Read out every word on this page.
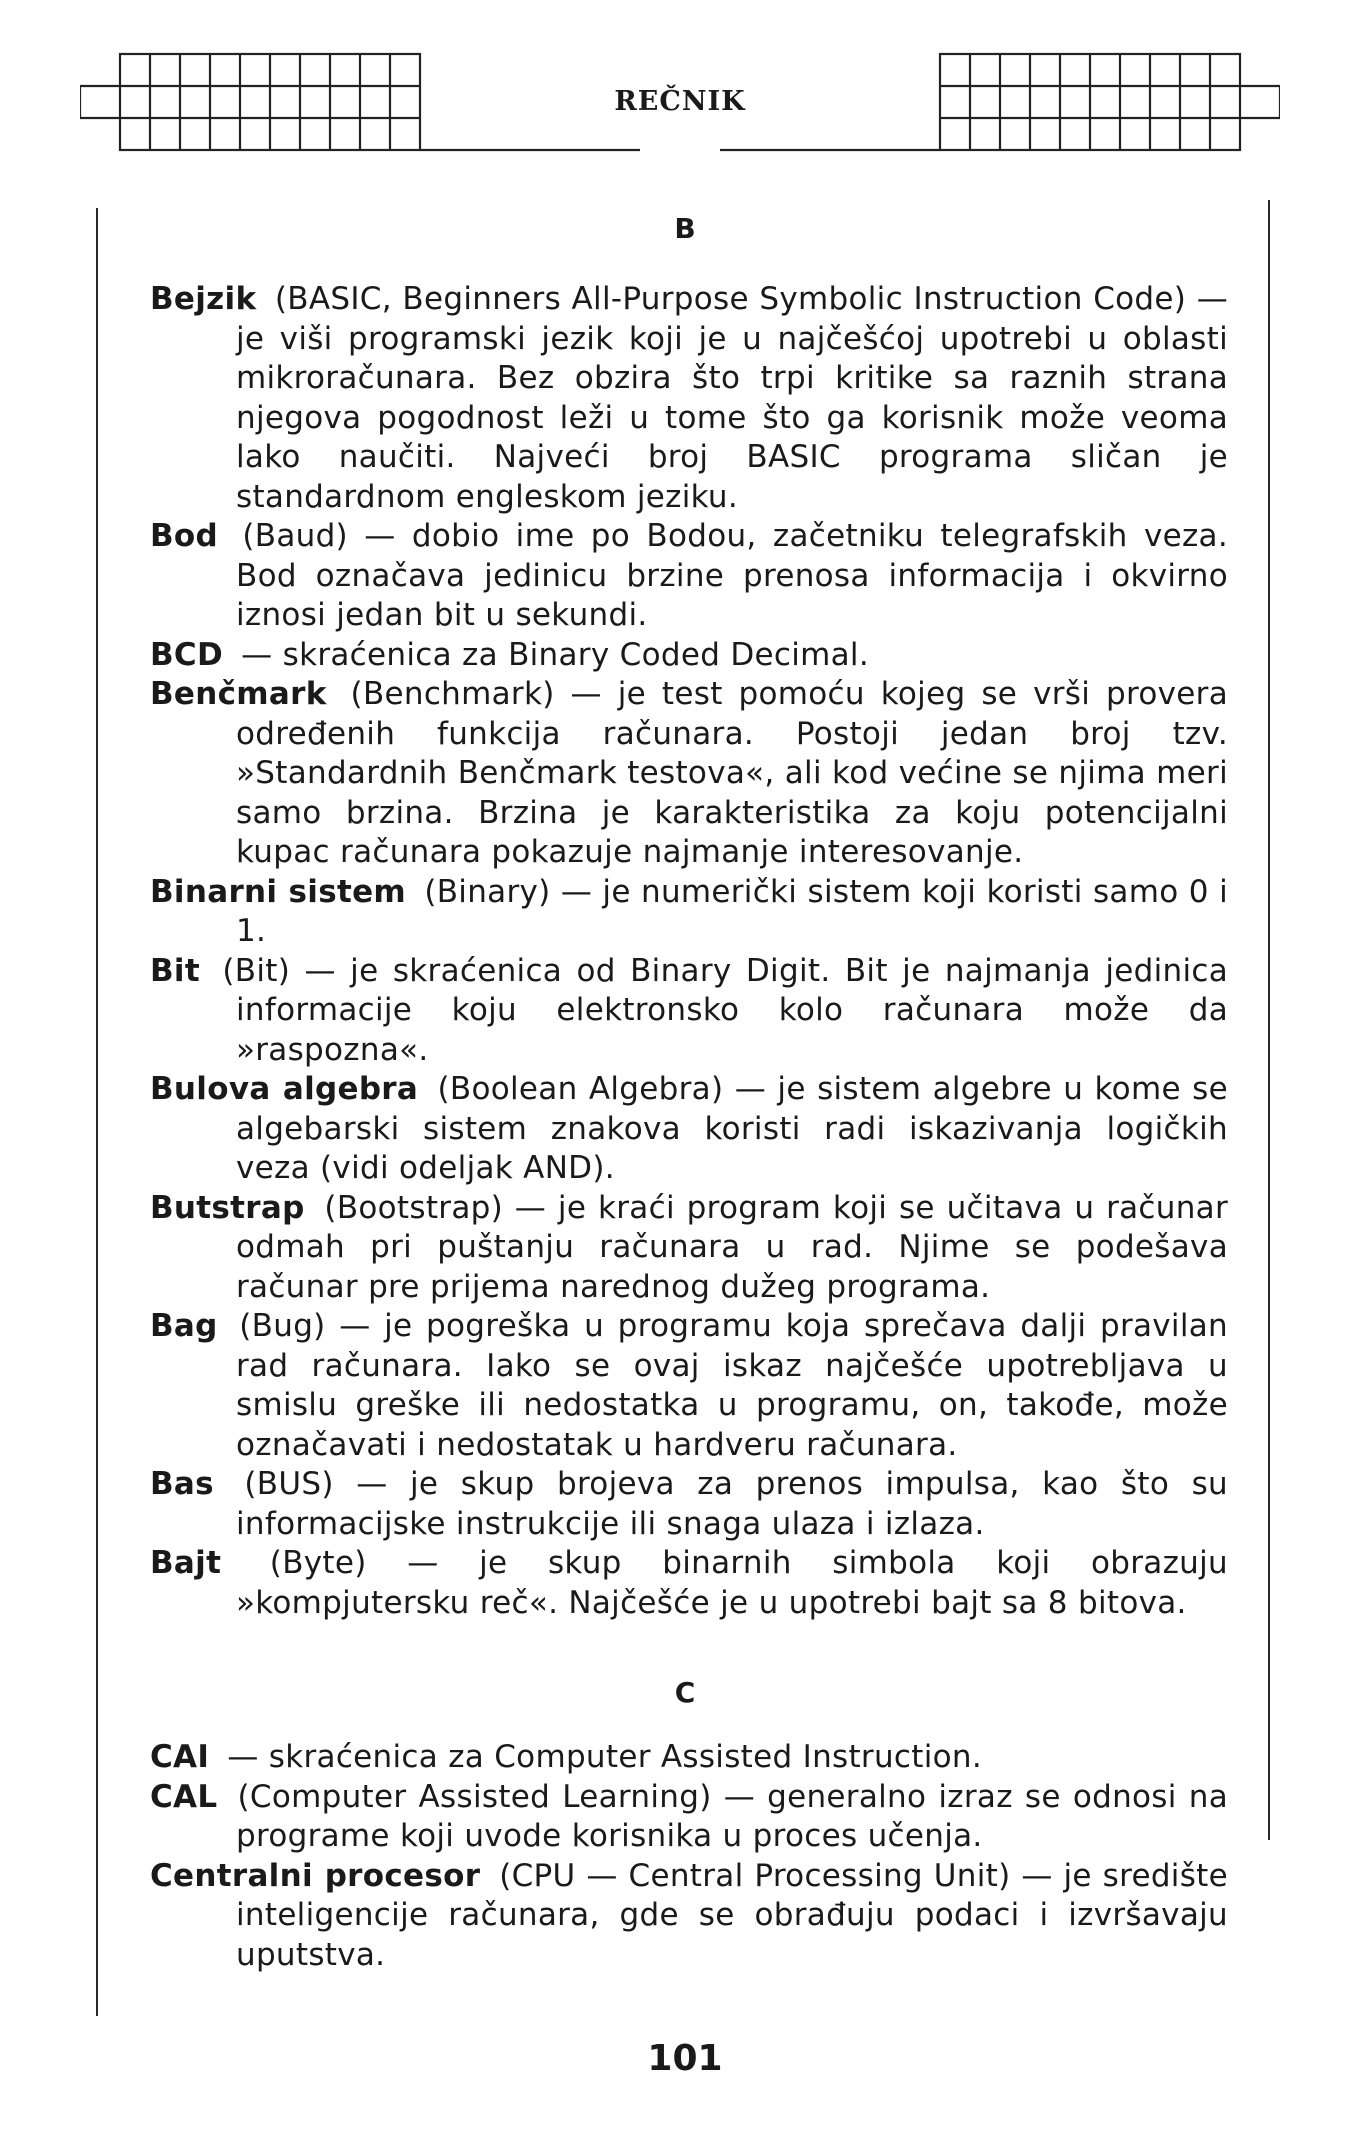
REČNIK
B

Bejzik (BASIC, Beginners All-Purpose Symbolic Instruction Code) — je viši programski jezik koji je u najčešćoj upotrebi u oblasti mikroračunara. Bez obzira što trpi kritike sa raznih strana njegova pogodnost leži u tome što ga korisnik može veoma lako naučiti. Najveći broj BASIC programa sličan je standardnom engleskom jeziku.

Bod (Baud) — dobio ime po Bodou, začetniku telegrafskih veza. Bod označava jedinicu brzine prenosa informacija i okvirno iznosi jedan bit u sekundi.

BCD — skraćenica za Binary Coded Decimal.

Benčmark (Benchmark) — je test pomoću kojeg se vrši provera određenih funkcija računara. Postoji jedan broj tzv. »Standardnih Benčmark testova«, ali kod većine se njima meri samo brzina. Brzina je karakteristika za koju potencijalni kupac računara pokazuje najmanje interesovanje.

Binarni sistem (Binary) — je numerički sistem koji koristi samo 0 i 1.

Bit (Bit) — je skraćenica od Binary Digit. Bit je najmanja jedinica informacije koju elektronsko kolo računara može da »raspozna«.

Bulova algebra (Boolean Algebra) — je sistem algebre u kome se algebarski sistem znakova koristi radi iskazivanja logičkih veza (vidi odeljak AND).

Butstrap (Bootstrap) — je kraći program koji se učitava u računar odmah pri puštanju računara u rad. Njime se podešava računar pre prijema narednog dužeg programa.

Bag (Bug) — je pogreška u programu koja sprečava dalji pravilan rad računara. Iako se ovaj iskaz najčešće upotrebljava u smislu greške ili nedostatka u programu, on, takođe, može označavati i nedostatak u hardveru računara.

Bas (BUS) — je skup brojeva za prenos impulsa, kao što su informacijske instrukcije ili snaga ulaza i izlaza.

Bajt (Byte) — je skup binarnih simbola koji obrazuju »kompjutersku reč«. Najčešće je u upotrebi bajt sa 8 bitova.

C

CAI — skraćenica za Computer Assisted Instruction.

CAL (Computer Assisted Learning) — generalno izraz se odnosi na programe koji uvode korisnika u proces učenja.

Centralni procesor (CPU — Central Processing Unit) — je središte inteligencije računara, gde se obrađuju podaci i izvršavaju uputstva.

101
